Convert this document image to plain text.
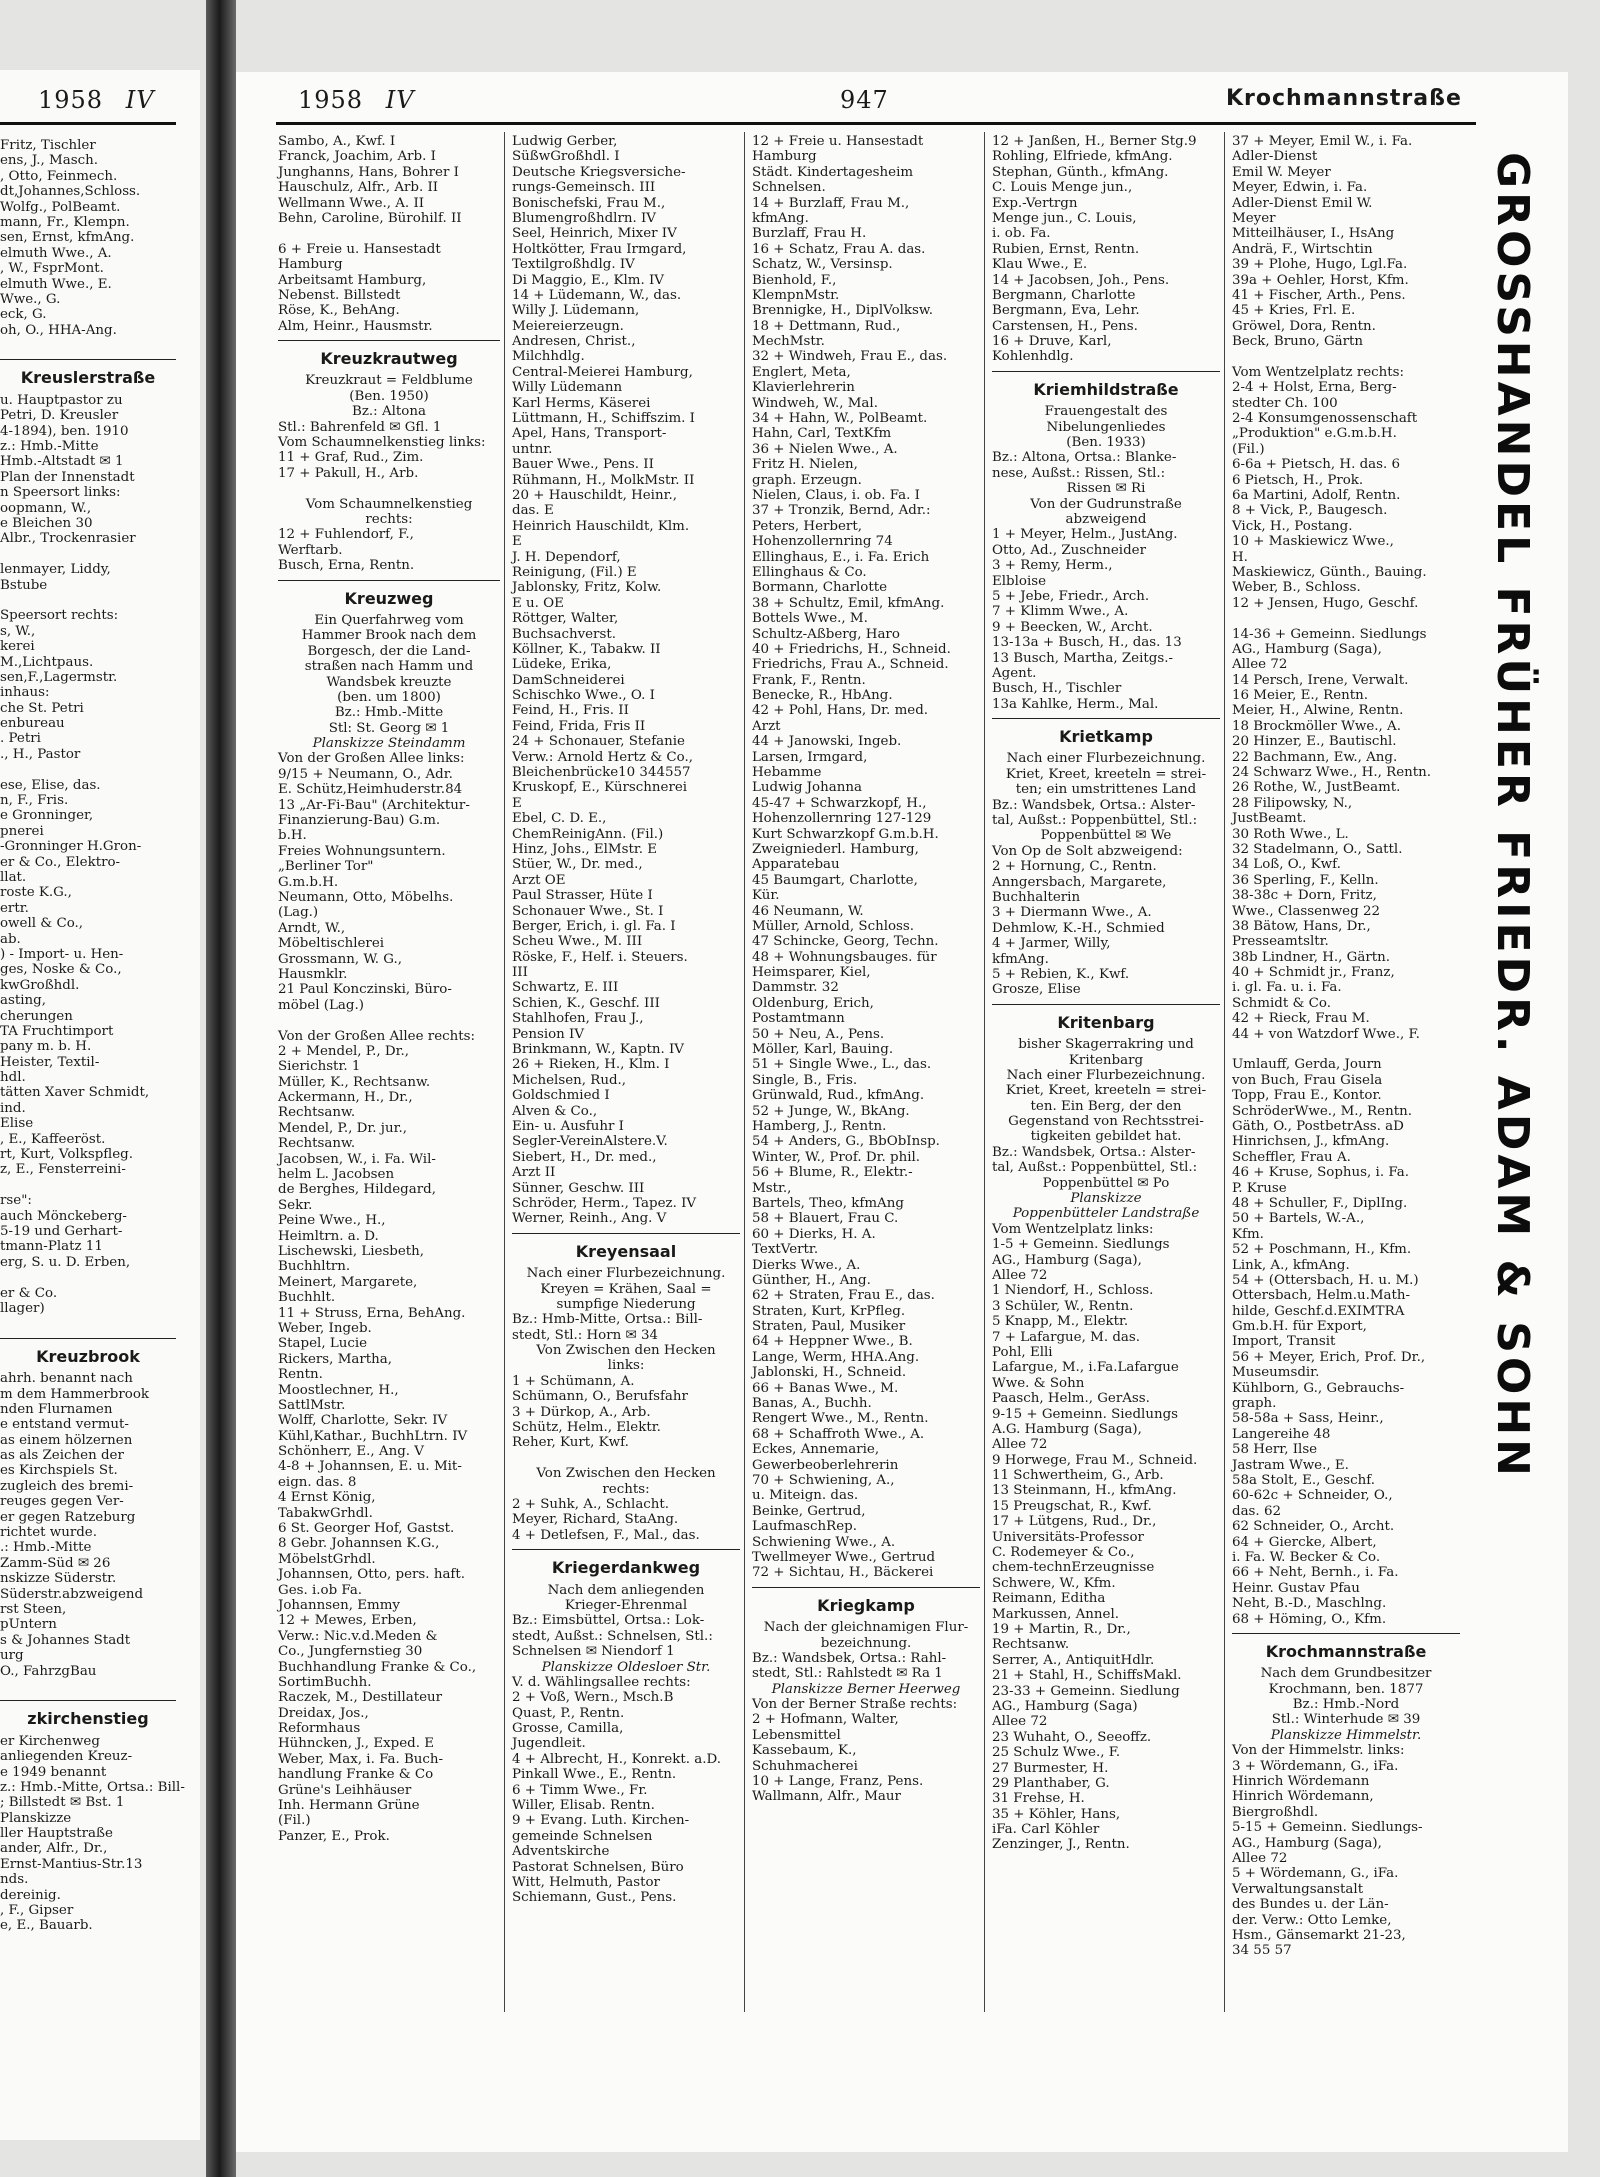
1958 IV
Fritz, Tischler
ens, J., Masch.
, Otto, Feinmech.
dt,Johannes,Schloss.
Wolfg., PolBeamt.
mann, Fr., Klempn.
sen, Ernst, kfmAng.
elmuth Wwe., A.
, W., FsprMont.
elmuth Wwe., E.
Wwe., G.
eck, G.
oh, O., HHA-Ang.
Kreuslerstraße
u. Hauptpastor zu
Petri, D. Kreusler
4-1894), ben. 1910
z.: Hmb.-Mitte
Hmb.-Altstadt ✉ 1
Plan der Innenstadt
n Speersort links:
oopmann, W.,
e Bleichen 30
Albr., Trockenrasier
lenmayer, Liddy,
Bstube
Speersort rechts:
s, W.,
kerei
M.,Lichtpaus.
sen,F.,Lagermstr.
inhaus:
che St. Petri
enbureau
. Petri
., H., Pastor
ese, Elise, das.
n, F., Fris.
e Gronninger,
pnerei
-Gronninger H.Gron-
er & Co., Elektro-
llat.
roste K.G.,
ertr.
owell & Co.,
ab.
) - Import- u. Hen-
ges, Noske & Co.,
kwGroßhdl.
asting,
cherungen
TA Fruchtimport
pany m. b. H.
Heister, Textil-
hdl.
tätten Xaver Schmidt,
ind.
Elise
, E., Kaffeeröst.
rt, Kurt, Volkspfleg.
z, E., Fensterreini-
rse":
auch Mönckeberg-
5-19 und Gerhart-
tmann-Platz 11
erg, S. u. D. Erben,
er & Co.
llager)
Kreuzbrook
ahrh. benannt nach
m dem Hammerbrook
nden Flurnamen
e entstand vermut-
as einem hölzernen
as als Zeichen der
es Kirchspiels St.
zugleich des bremi-
reuges gegen Ver-
er gegen Ratzeburg
richtet wurde.
.: Hmb.-Mitte
Zamm-Süd ✉ 26
nskizze Süderstr.
Süderstr.abzweigend
rst Steen,
pUntern
s & Johannes Stadt
urg
O., FahrzgBau
zkirchenstieg
er Kirchenweg
anliegenden Kreuz-
e 1949 benannt
z.: Hmb.-Mitte, Ortsa.: Bill-
; Billstedt ✉ Bst. 1
Planskizze
ller Hauptstraße
ander, Alfr., Dr.,
Ernst-Mantius-Str.13
nds.
dereinig.
, F., Gipser
e, E., Bauarb.
1958 IV	947	Krochmannstraße
Sambo, A., Kwf. I
Franck, Joachim, Arb. I
Junghanns, Hans, Bohrer I
Hauschulz, Alfr., Arb. II
Wellmann Wwe., A. II
Behn, Caroline, Bürohilf. II
6 + Freie u. Hansestadt
Hamburg
Arbeitsamt Hamburg,
Nebenst. Billstedt
Röse, K., BehAng.
Alm, Heinr., Hausmstr.
Kreuzkrautweg
Kreuzkraut = Feldblume
(Ben. 1950)
Bz.: Altona
Stl.: Bahrenfeld ✉ Gfl. 1
Vom Schaumnelkenstieg links:
11 + Graf, Rud., Zim.
17 + Pakull, H., Arb.
Vom Schaumnelkenstieg
rechts:
12 + Fuhlendorf, F.,
Werftarb.
Busch, Erna, Rentn.
Kreuzweg
Ein Querfahrweg vom
Hammer Brook nach dem
Borgesch, der die Land-
straßen nach Hamm und
Wandsbek kreuzte
(ben. um 1800)
Bz.: Hmb.-Mitte
Stl: St. Georg ✉ 1
Planskizze Steindamm
Von der Großen Allee links:
9/15 + Neumann, O., Adr.
E. Schütz,Heimhuderstr.84
13 „Ar-Fi-Bau" (Architektur-
Finanzierung-Bau) G.m.
b.H.
Freies Wohnungsuntern.
„Berliner Tor"
G.m.b.H.
Neumann, Otto, Möbelhs.
(Lag.)
Arndt, W.,
Möbeltischlerei
Grossmann, W. G.,
Hausmklr.
21 Paul Konczinski, Büro-
möbel (Lag.)
Von der Großen Allee rechts:
2 + Mendel, P., Dr.,
Sierichstr. 1
Müller, K., Rechtsanw.
Ackermann, H., Dr.,
Rechtsanw.
Mendel, P., Dr. jur.,
Rechtsanw.
Jacobsen, W., i. Fa. Wil-
helm L. Jacobsen
de Berghes, Hildegard,
Sekr.
Peine Wwe., H.,
Heimltrn. a. D.
Lischewski, Liesbeth,
Buchhltrn.
Meinert, Margarete,
Buchhlt.
11 + Struss, Erna, BehAng.
Weber, Ingeb.
Stapel, Lucie
Rickers, Martha,
Rentn.
Moostlechner, H.,
SattlMstr.
Wolff, Charlotte, Sekr. IV
Kühl,Kathar., BuchhLtrn. IV
Schönherr, E., Ang. V
4-8 + Johannsen, E. u. Mit-
eign. das. 8
4 Ernst König,
TabakwGrhdl.
6 St. Georger Hof, Gastst.
8 Gebr. Johannsen K.G.,
MöbelstGrhdl.
Johannsen, Otto, pers. haft.
Ges. i.ob Fa.
Johannsen, Emmy
12 + Mewes, Erben,
Verw.: Nic.v.d.Meden &
Co., Jungfernstieg 30
Buchhandlung Franke & Co.,
SortimBuchh.
Raczek, M., Destillateur
Dreidax, Jos.,
Reformhaus
Hühncken, J., Exped. E
Weber, Max, i. Fa. Buch-
handlung Franke & Co
Grüne's Leihhäuser
Inh. Hermann Grüne
(Fil.)
Panzer, E., Prok.
Ludwig Gerber,
SüßwGroßhdl. I
Deutsche Kriegsversiche-
rungs-Gemeinsch. III
Bonischefski, Frau M.,
Blumengroßhdlrn. IV
Seel, Heinrich, Mixer IV
Holtkötter, Frau Irmgard,
Textilgroßhdlg. IV
Di Maggio, E., Klm. IV
14 + Lüdemann, W., das.
Willy J. Lüdemann,
Meiereierzeugn.
Andresen, Christ.,
Milchhdlg.
Central-Meierei Hamburg,
Willy Lüdemann
Karl Herms, Käserei
Lüttmann, H., Schiffszim. I
Apel, Hans, Transport-
untnr.
Bauer Wwe., Pens. II
Rühmann, H., MolkMstr. II
20 + Hauschildt, Heinr.,
das. E
Heinrich Hauschildt, Klm.
E
J. H. Dependorf,
Reinigung, (Fil.) E
Jablonsky, Fritz, Kolw.
E u. OE
Röttger, Walter,
Buchsachverst.
Köllner, K., Tabakw. II
Lüdeke, Erika,
DamSchneiderei
Schischko Wwe., O. I
Feind, H., Fris. II
Feind, Frida, Fris II
24 + Schonauer, Stefanie
Verw.: Arnold Hertz & Co.,
Bleichenbrücke10 344557
Kruskopf, E., Kürschnerei
E
Ebel, C. D. E.,
ChemReinigAnn. (Fil.)
Hinz, Johs., ElMstr. E
Stüer, W., Dr. med.,
Arzt OE
Paul Strasser, Hüte I
Schonauer Wwe., St. I
Berger, Erich, i. gl. Fa. I
Scheu Wwe., M. III
Röske, F., Helf. i. Steuers.
III
Schwartz, E. III
Schien, K., Geschf. III
Stahlhofen, Frau J.,
Pension IV
Brinkmann, W., Kaptn. IV
26 + Rieken, H., Klm. I
Michelsen, Rud.,
Goldschmied I
Alven & Co.,
Ein- u. Ausfuhr I
Segler-VereinAlstere.V.
Siebert, H., Dr. med.,
Arzt II
Sünner, Geschw. III
Schröder, Herm., Tapez. IV
Werner, Reinh., Ang. V
Kreyensaal
Nach einer Flurbezeichnung.
Kreyen = Krähen, Saal =
sumpfige Niederung
Bz.: Hmb-Mitte, Ortsa.: Bill-
stedt, Stl.: Horn ✉ 34
Von Zwischen den Hecken
links:
1 + Schümann, A.
Schümann, O., Berufsfahr
3 + Dürkop, A., Arb.
Schütz, Helm., Elektr.
Reher, Kurt, Kwf.
Von Zwischen den Hecken
rechts:
2 + Suhk, A., Schlacht.
Meyer, Richard, StaAng.
4 + Detlefsen, F., Mal., das.
Kriegerdankweg
Nach dem anliegenden
Krieger-Ehrenmal
Bz.: Eimsbüttel, Ortsa.: Lok-
stedt, Außst.: Schnelsen, Stl.:
Schnelsen ✉ Niendorf 1
Planskizze Oldesloer Str.
V. d. Wählingsallee rechts:
2 + Voß, Wern., Msch.B
Quast, P., Rentn.
Grosse, Camilla,
Jugendleit.
4 + Albrecht, H., Konrekt. a.D.
Pinkall Wwe., E., Rentn.
6 + Timm Wwe., Fr.
Willer, Elisab. Rentn.
9 + Evang. Luth. Kirchen-
gemeinde Schnelsen
Adventskirche
Pastorat Schnelsen, Büro
Witt, Helmuth, Pastor
Schiemann, Gust., Pens.
12 + Freie u. Hansestadt
Hamburg
Städt. Kindertagesheim
Schnelsen.
14 + Burzlaff, Frau M.,
kfmAng.
Burzlaff, Frau H.
16 + Schatz, Frau A. das.
Schatz, W., Versinsp.
Bienhold, F.,
KlempnMstr.
Brennigke, H., DiplVolksw.
18 + Dettmann, Rud.,
MechMstr.
32 + Windweh, Frau E., das.
Englert, Meta,
Klavierlehrerin
Windweh, W., Mal.
34 + Hahn, W., PolBeamt.
Hahn, Carl, TextKfm
36 + Nielen Wwe., A.
Fritz H. Nielen,
graph. Erzeugn.
Nielen, Claus, i. ob. Fa. I
37 + Tronzik, Bernd, Adr.:
Peters, Herbert,
Hohenzollernring 74
Ellinghaus, E., i. Fa. Erich
Ellinghaus & Co.
Bormann, Charlotte
38 + Schultz, Emil, kfmAng.
Bottels Wwe., M.
Schultz-Aßberg, Haro
40 + Friedrichs, H., Schneid.
Friedrichs, Frau A., Schneid.
Frank, F., Rentn.
Benecke, R., HbAng.
42 + Pohl, Hans, Dr. med.
Arzt
44 + Janowski, Ingeb.
Larsen, Irmgard,
Hebamme
Ludwig Johanna
45-47 + Schwarzkopf, H.,
Hohenzollernring 127-129
Kurt Schwarzkopf G.m.b.H.
Zweigniederl. Hamburg,
Apparatebau
45 Baumgart, Charlotte,
Kür.
46 Neumann, W.
Müller, Arnold, Schloss.
47 Schincke, Georg, Techn.
48 + Wohnungsbauges. für
Heimsparer, Kiel,
Dammstr. 32
Oldenburg, Erich,
Postamtmann
50 + Neu, A., Pens.
Möller, Karl, Bauing.
51 + Single Wwe., L., das.
Single, B., Fris.
Grünwald, Rud., kfmAng.
52 + Junge, W., BkAng.
Hamberg, J., Rentn.
54 + Anders, G., BbObInsp.
Winter, W., Prof. Dr. phil.
56 + Blume, R., Elektr.-
Mstr.,
Bartels, Theo, kfmAng
58 + Blauert, Frau C.
60 + Dierks, H. A.
TextVertr.
Dierks Wwe., A.
Günther, H., Ang.
62 + Straten, Frau E., das.
Straten, Kurt, KrPfleg.
Straten, Paul, Musiker
64 + Heppner Wwe., B.
Lange, Werm, HHA.Ang.
Jablonski, H., Schneid.
66 + Banas Wwe., M.
Banas, A., Buchh.
Rengert Wwe., M., Rentn.
68 + Schaffroth Wwe., A.
Eckes, Annemarie,
Gewerbeoberlehrerin
70 + Schwiening, A.,
u. Miteign. das.
Beinke, Gertrud,
LaufmaschRep.
Schwiening Wwe., A.
Twellmeyer Wwe., Gertrud
72 + Sichtau, H., Bäckerei
Kriegkamp
Nach der gleichnamigen Flur-
bezeichnung.
Bz.: Wandsbek, Ortsa.: Rahl-
stedt, Stl.: Rahlstedt ✉ Ra 1
Planskizze Berner Heerweg
Von der Berner Straße rechts:
2 + Hofmann, Walter,
Lebensmittel
Kassebaum, K.,
Schuhmacherei
10 + Lange, Franz, Pens.
Wallmann, Alfr., Maur
12 + Janßen, H., Berner Stg.9
Rohling, Elfriede, kfmAng.
Stephan, Günth., kfmAng.
C. Louis Menge jun.,
Exp.-Vertrgn
Menge jun., C. Louis,
i. ob. Fa.
Rubien, Ernst, Rentn.
Klau Wwe., E.
14 + Jacobsen, Joh., Pens.
Bergmann, Charlotte
Bergmann, Eva, Lehr.
Carstensen, H., Pens.
16 + Druve, Karl,
Kohlenhdlg.
Kriemhildstraße
Frauengestalt des
Nibelungenliedes
(Ben. 1933)
Bz.: Altona, Ortsa.: Blanke-
nese, Außst.: Rissen, Stl.:
Rissen ✉ Ri
Von der Gudrunstraße
abzweigend
1 + Meyer, Helm., JustAng.
Otto, Ad., Zuschneider
3 + Remy, Herm.,
Elbloise
5 + Jebe, Friedr., Arch.
7 + Klimm Wwe., A.
9 + Beecken, W., Archt.
13-13a + Busch, H., das. 13
13 Busch, Martha, Zeitgs.-
Agent.
Busch, H., Tischler
13a Kahlke, Herm., Mal.
Krietkamp
Nach einer Flurbezeichnung.
Kriet, Kreet, kreeteln = strei-
ten; ein umstrittenes Land
Bz.: Wandsbek, Ortsa.: Alster-
tal, Außst.: Poppenbüttel, Stl.:
Poppenbüttel ✉ We
Von Op de Solt abzweigend:
2 + Hornung, C., Rentn.
Anngersbach, Margarete,
Buchhalterin
3 + Diermann Wwe., A.
Dehmlow, K.-H., Schmied
4 + Jarmer, Willy,
kfmAng.
5 + Rebien, K., Kwf.
Grosze, Elise
Kritenbarg
bisher Skagerrakring und
Kritenbarg
Nach einer Flurbezeichnung.
Kriet, Kreet, kreeteln = strei-
ten. Ein Berg, der den
Gegenstand von Rechtsstrei-
tigkeiten gebildet hat.
Bz.: Wandsbek, Ortsa.: Alster-
tal, Außst.: Poppenbüttel, Stl.:
Poppenbüttel ✉ Po
Planskizze
Poppenbütteler Landstraße
Vom Wentzelplatz links:
1-5 + Gemeinn. Siedlungs
AG., Hamburg (Saga),
Allee 72
1 Niendorf, H., Schloss.
3 Schüler, W., Rentn.
5 Knapp, M., Elektr.
7 + Lafargue, M. das.
Pohl, Elli
Lafargue, M., i.Fa.Lafargue
Wwe. & Sohn
Paasch, Helm., GerAss.
9-15 + Gemeinn. Siedlungs
A.G. Hamburg (Saga),
Allee 72
9 Horwege, Frau M., Schneid.
11 Schwertheim, G., Arb.
13 Steinmann, H., kfmAng.
15 Preugschat, R., Kwf.
17 + Lütgens, Rud., Dr.,
Universitäts-Professor
C. Rodemeyer & Co.,
chem-technErzeugnisse
Schwere, W., Kfm.
Reimann, Editha
Markussen, Annel.
19 + Martin, R., Dr.,
Rechtsanw.
Serrer, A., AntiquitHdlr.
21 + Stahl, H., SchiffsMakl.
23-33 + Gemeinn. Siedlung
AG., Hamburg (Saga)
Allee 72
23 Wuhaht, O., Seeoffz.
25 Schulz Wwe., F.
27 Burmester, H.
29 Planthaber, G.
31 Frehse, H.
35 + Köhler, Hans,
iFa. Carl Köhler
Zenzinger, J., Rentn.
37 + Meyer, Emil W., i. Fa.
Adler-Dienst
Emil W. Meyer
Meyer, Edwin, i. Fa.
Adler-Dienst Emil W.
Meyer
Mitteilhäuser, I., HsAng
Andrä, F., Wirtschtin
39 + Plohe, Hugo, Lgl.Fa.
39a + Oehler, Horst, Kfm.
41 + Fischer, Arth., Pens.
45 + Kries, Frl. E.
Gröwel, Dora, Rentn.
Beck, Bruno, Gärtn
Vom Wentzelplatz rechts:
2-4 + Holst, Erna, Berg-
stedter Ch. 100
2-4 Konsumgenossenschaft
„Produktion" e.G.m.b.H.
(Fil.)
6-6a + Pietsch, H. das. 6
6 Pietsch, H., Prok.
6a Martini, Adolf, Rentn.
8 + Vick, P., Baugesch.
Vick, H., Postang.
10 + Maskiewicz Wwe.,
H.
Maskiewicz, Günth., Bauing.
Weber, B., Schloss.
12 + Jensen, Hugo, Geschf.
14-36 + Gemeinn. Siedlungs
AG., Hamburg (Saga),
Allee 72
14 Persch, Irene, Verwalt.
16 Meier, E., Rentn.
Meier, H., Alwine, Rentn.
18 Brockmöller Wwe., A.
20 Hinzer, E., Bautischl.
22 Bachmann, Ew., Ang.
24 Schwarz Wwe., H., Rentn.
26 Rothe, W., JustBeamt.
28 Filipowsky, N.,
JustBeamt.
30 Roth Wwe., L.
32 Stadelmann, O., Sattl.
34 Loß, O., Kwf.
36 Sperling, F., Kelln.
38-38c + Dorn, Fritz,
Wwe., Classenweg 22
38 Bätow, Hans, Dr.,
Presseamtsltr.
38b Lindner, H., Gärtn.
40 + Schmidt jr., Franz,
i. gl. Fa. u. i. Fa.
Schmidt & Co.
42 + Rieck, Frau M.
44 + von Watzdorf Wwe., F.
Umlauff, Gerda, Journ
von Buch, Frau Gisela
Topp, Frau E., Kontor.
SchröderWwe., M., Rentn.
Gäth, O., PostbetrAss. aD
Hinrichsen, J., kfmAng.
Scheffler, Frau A.
46 + Kruse, Sophus, i. Fa.
P. Kruse
48 + Schuller, F., DiplIng.
50 + Bartels, W.-A.,
Kfm.
52 + Poschmann, H., Kfm.
Link, A., kfmAng.
54 + (Ottersbach, H. u. M.)
Ottersbach, Helm.u.Math-
hilde, Geschf.d.EXIMTRA
Gm.b.H. für Export,
Import, Transit
56 + Meyer, Erich, Prof. Dr.,
Museumsdir.
Kühlborn, G., Gebrauchs-
graph.
58-58a + Sass, Heinr.,
Langereihe 48
58 Herr, Ilse
Jastram Wwe., E.
58a Stolt, E., Geschf.
60-62c + Schneider, O.,
das. 62
62 Schneider, O., Archt.
64 + Giercke, Albert,
i. Fa. W. Becker & Co.
66 + Neht, Bernh., i. Fa.
Heinr. Gustav Pfau
Neht, B.-D., Maschlng.
68 + Höming, O., Kfm.
Krochmannstraße
Nach dem Grundbesitzer
Krochmann, ben. 1877
Bz.: Hmb.-Nord
Stl.: Winterhude ✉ 39
Planskizze Himmelstr.
Von der Himmelstr. links:
3 + Wördemann, G., iFa.
Hinrich Wördemann
Hinrich Wördemann,
Biergroßhdl.
5-15 + Gemeinn. Siedlungs-
AG., Hamburg (Saga),
Allee 72
5 + Wördemann, G., iFa.
Verwaltungsanstalt
des Bundes u. der Län-
der. Verw.: Otto Lemke,
Hsm., Gänsemarkt 21-23,
34 55 57
GROSSHANDEL FRÜHER FRIEDR. ADAM & SOHN
